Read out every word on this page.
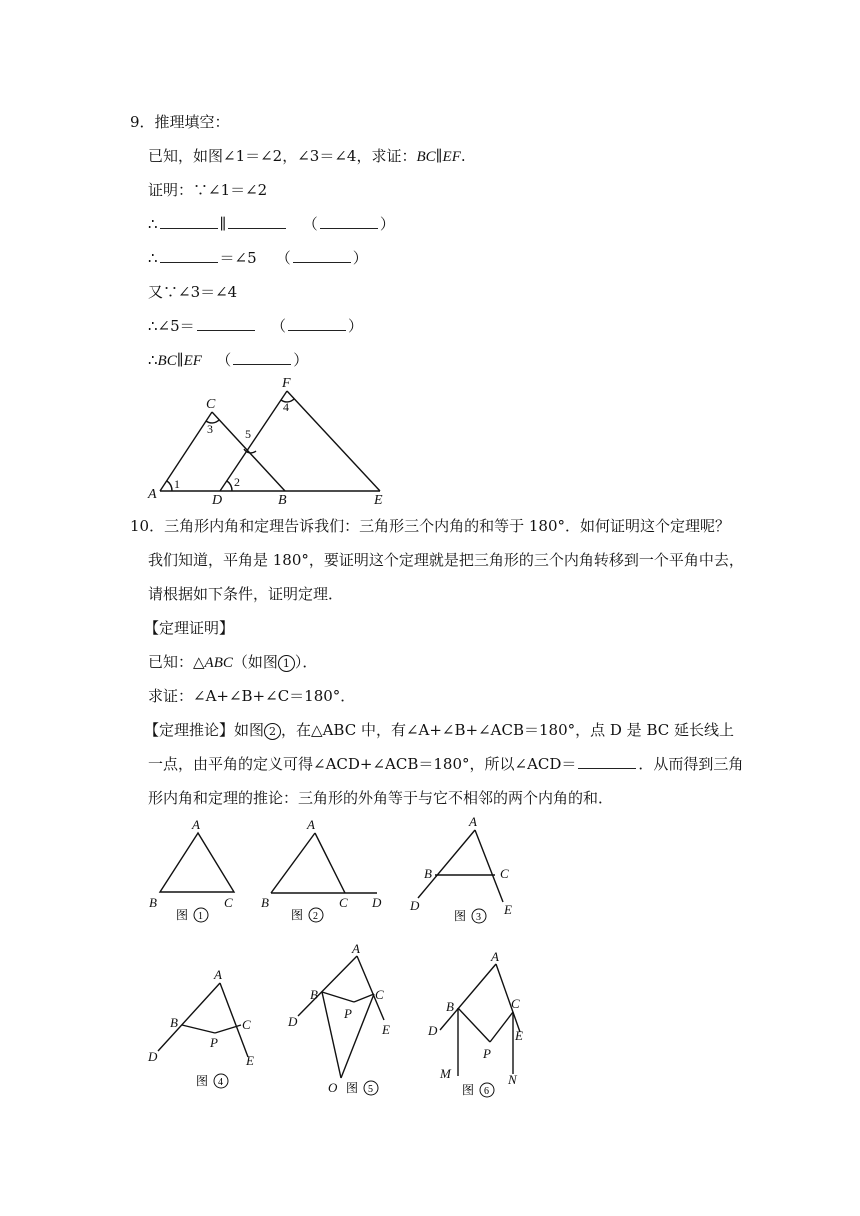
9．推理填空：
已知，如图∠1＝∠2，∠3＝∠4，求证：BC∥EF.
证明：∵∠1＝∠2
∴	∥	（	）
∴	＝∠5 （	）
又∵∠3＝∠4
∴∠5＝	（	）
∴BC∥EF （	）
F
C
A	D	B	E
4
3	5
2
1
10．三角形内角和定理告诉我们：三角形三个内角的和等于 180°．如何证明这个定理呢？
我们知道，平角是 180°，要证明这个定理就是把三角形的三个内角转移到一个平角中去，
请根据如下条件，证明定理．
【定理证明】
已知：△ABC（如图 1 ）．
求证：∠A+∠B+∠C＝180°．
【定理推论】如图 2 ，在△ABC 中，有∠A+∠B+∠ACB＝180°，点 D 是 BC 延长线上
一点，由平角的定义可得∠ACD+∠ACB＝180°，所以∠ACD＝	．从而得到三角
形内角和定理的推论：三角形的外角等于与它不相邻的两个内角的和．
A
B	C
图 1
A
B	C D
图 2
A
B	C
D	E
图 3
A
B	C
P
D	E
图 4
A
B	C
P
D
E
O 图 5
A
B	C
P
D	E
M	N
图 6
